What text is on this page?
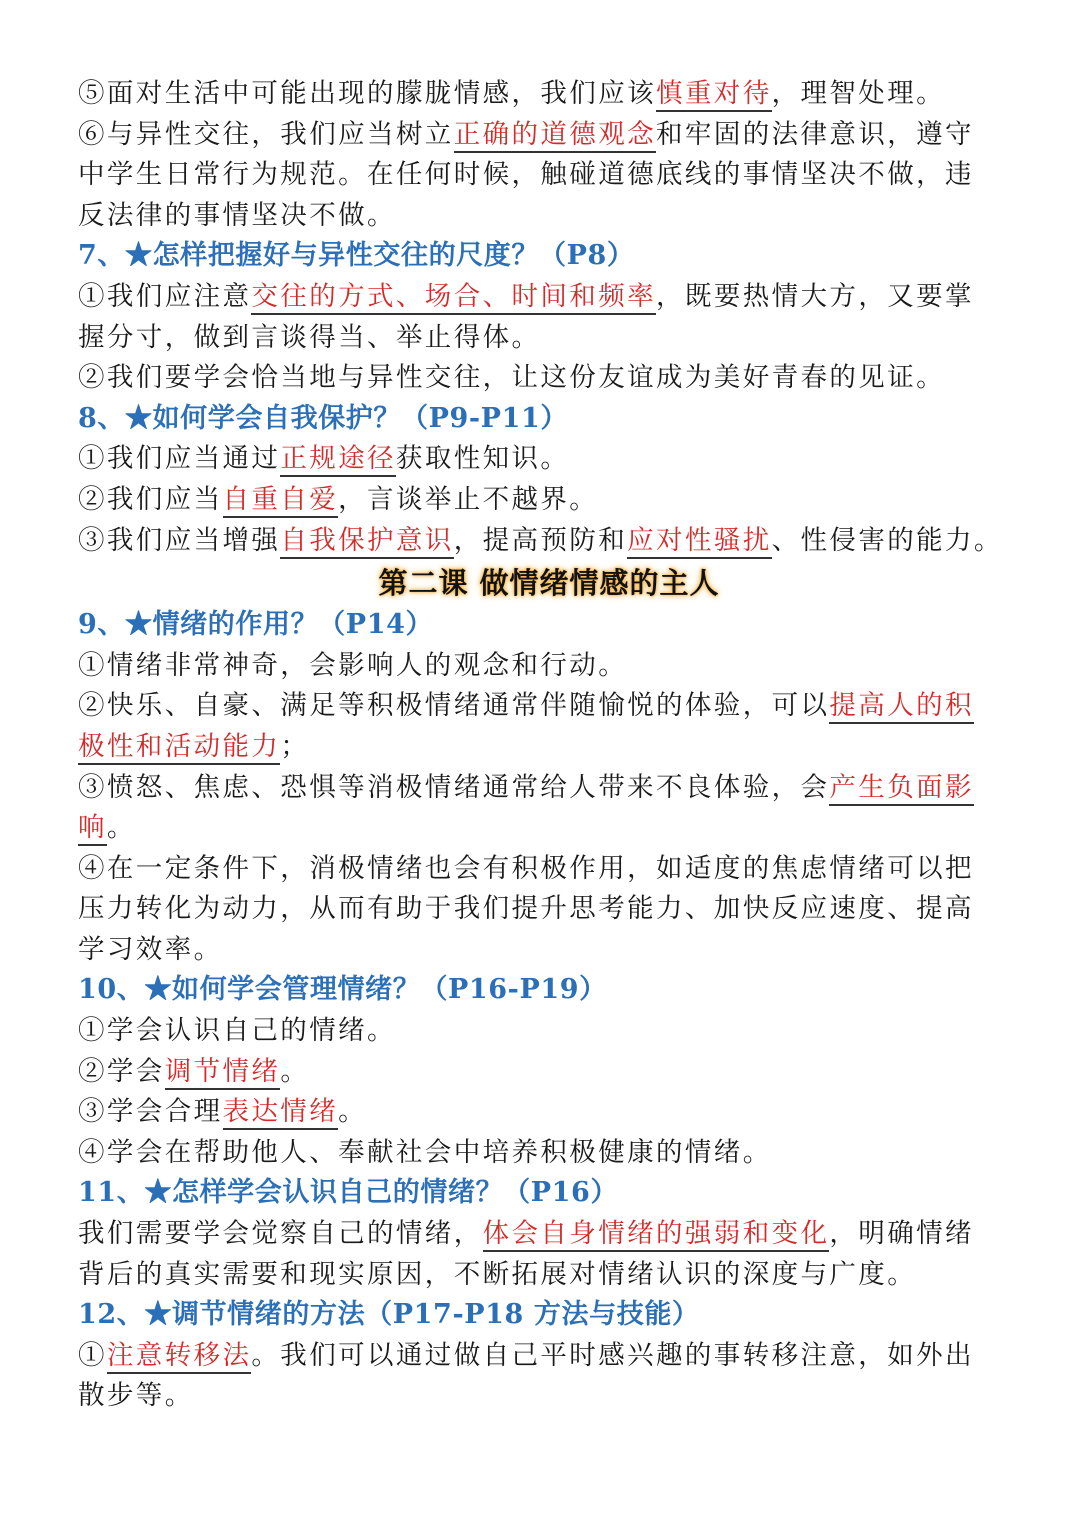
⑤面对生活中可能出现的朦胧情感，我们应该慎重对待，理智处理。
⑥与异性交往，我们应当树立正确的道德观念和牢固的法律意识，遵守
中学生日常行为规范。在任何时候，触碰道德底线的事情坚决不做，违
反法律的事情坚决不做。
7、★怎样把握好与异性交往的尺度？（P8）
①我们应注意交往的方式、场合、时间和频率，既要热情大方，又要掌
握分寸，做到言谈得当、举止得体。
②我们要学会恰当地与异性交往，让这份友谊成为美好青春的见证。
8、★如何学会自我保护？（P9-P11）
①我们应当通过正规途径获取性知识。
②我们应当自重自爱，言谈举止不越界。
③我们应当增强自我保护意识，提高预防和应对性骚扰、性侵害的能力。
第二课 做情绪情感的主人
9、★情绪的作用？（P14）
①情绪非常神奇，会影响人的观念和行动。
②快乐、自豪、满足等积极情绪通常伴随愉悦的体验，可以提高人的积
极性和活动能力；
③愤怒、焦虑、恐惧等消极情绪通常给人带来不良体验，会产生负面影
响。
④在一定条件下，消极情绪也会有积极作用，如适度的焦虑情绪可以把
压力转化为动力，从而有助于我们提升思考能力、加快反应速度、提高
学习效率。
10、★如何学会管理情绪？（P16-P19）
①学会认识自己的情绪。
②学会调节情绪。
③学会合理表达情绪。
④学会在帮助他人、奉献社会中培养积极健康的情绪。
11、★怎样学会认识自己的情绪？（P16）
我们需要学会觉察自己的情绪，体会自身情绪的强弱和变化，明确情绪
背后的真实需要和现实原因，不断拓展对情绪认识的深度与广度。
12、★调节情绪的方法（P17-P18 方法与技能）
①注意转移法。我们可以通过做自己平时感兴趣的事转移注意，如外出
散步等。
